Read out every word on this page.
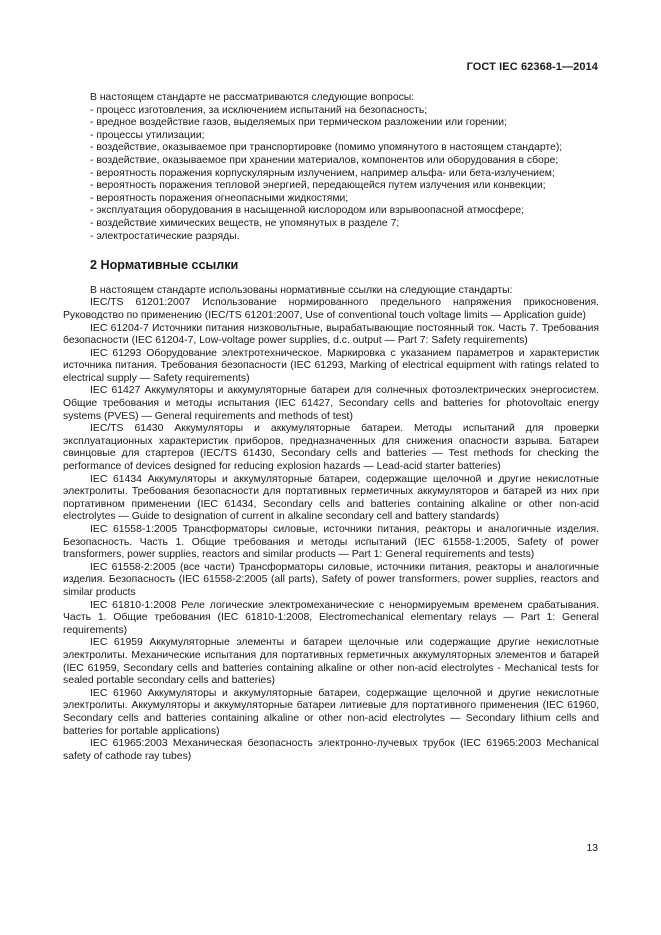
ГОСТ IEC 62368-1—2014
В настоящем стандарте не рассматриваются следующие вопросы:
- процесс изготовления, за исключением испытаний на безопасность;
- вредное воздействие газов, выделяемых при термическом разложении или горении;
- процессы утилизации;
- воздействие, оказываемое при транспортировке (помимо упомянутого в настоящем стандарте);
- воздействие, оказываемое при хранении материалов, компонентов или оборудования в сборе;
- вероятность поражения корпускулярным излучением, например альфа- или бета-излучением;
- вероятность поражения тепловой энергией, передающейся путем излучения или конвекции;
- вероятность поражения огнеопасными жидкостями;
- эксплуатация оборудования в насыщенной кислородом или взрывоопасной атмосфере;
- воздействие химических веществ, не упомянутых в разделе 7;
- электростатические разряды.
2 Нормативные ссылки
В настоящем стандарте использованы нормативные ссылки на следующие стандарты:
IEC/TS 61201:2007 Использование нормированного предельного напряжения прикосновения. Руководство по применению (IEC/TS 61201:2007, Use of conventional touch voltage limits — Application guide)
IEC 61204-7 Источники питания низковольтные, вырабатывающие постоянный ток. Часть 7. Требования безопасности (IEC 61204-7, Low-voltage power supplies, d.c. output — Part 7: Safety requirements)
IEC 61293 Оборудование электротехническое. Маркировка с указанием параметров и характеристик источника питания. Требования безопасности (IEC 61293, Marking of electrical equipment with ratings related to electrical supply — Safety requirements)
IEC 61427 Аккумуляторы и аккумуляторные батареи для солнечных фотоэлектрических энергосистем. Общие требования и методы испытания (IEC 61427, Secondary cells and batteries for photovoltaic energy systems (PVES) — General requirements and methods of test)
IEC/TS 61430 Аккумуляторы и аккумуляторные батареи. Методы испытаний для проверки эксплуатационных характеристик приборов, предназначенных для снижения опасности взрыва. Батареи свинцовые для стартеров (IEC/TS 61430, Secondary cells and batteries — Test methods for checking the performance of devices designed for reducing explosion hazards — Lead-acid starter batteries)
IEC 61434 Аккумуляторы и аккумуляторные батареи, содержащие щелочной и другие некислотные электролиты. Требования безопасности для портативных герметичных аккумуляторов и батарей из них при портативном применении (IEC 61434, Secondary cells and batteries containing alkaline or other non-acid electrolytes — Guide to designation of current in alkaline secondary cell and battery standards)
IEC 61558-1:2005 Трансформаторы силовые, источники питания, реакторы и аналогичные изделия. Безопасность. Часть 1. Общие требования и методы испытаний (IEC 61558-1:2005, Safety of power transformers, power supplies, reactors and similar products — Part 1: General requirements and tests)
IEC 61558-2:2005 (все части) Трансформаторы силовые, источники питания, реакторы и аналогичные изделия. Безопасность (IEC 61558-2:2005 (all parts), Safety of power transformers, power supplies, reactors and similar products
IEC 61810-1:2008 Реле логические электромеханические с ненормируемым временем срабатывания. Часть 1. Общие требования (IEC 61810-1:2008, Electromechanical elementary relays — Part 1: General requirements)
IEC 61959 Аккумуляторные элементы и батареи щелочные или содержащие другие некислотные электролиты. Механические испытания для портативных герметичных аккумуляторных элементов и батарей (IEC 61959, Secondary cells and batteries containing alkaline or other non-acid electrolytes - Mechanical tests for sealed portable secondary cells and batteries)
IEC 61960 Аккумуляторы и аккумуляторные батареи, содержащие щелочной и другие некислотные электролиты. Аккумуляторы и аккумуляторные батареи литиевые для портативного применения (IEC 61960, Secondary cells and batteries containing alkaline or other non-acid electrolytes — Secondary lithium cells and batteries for portable applications)
IEC 61965:2003 Механическая безопасность электронно-лучевых трубок (IEC 61965:2003 Mechanical safety of cathode ray tubes)
13
